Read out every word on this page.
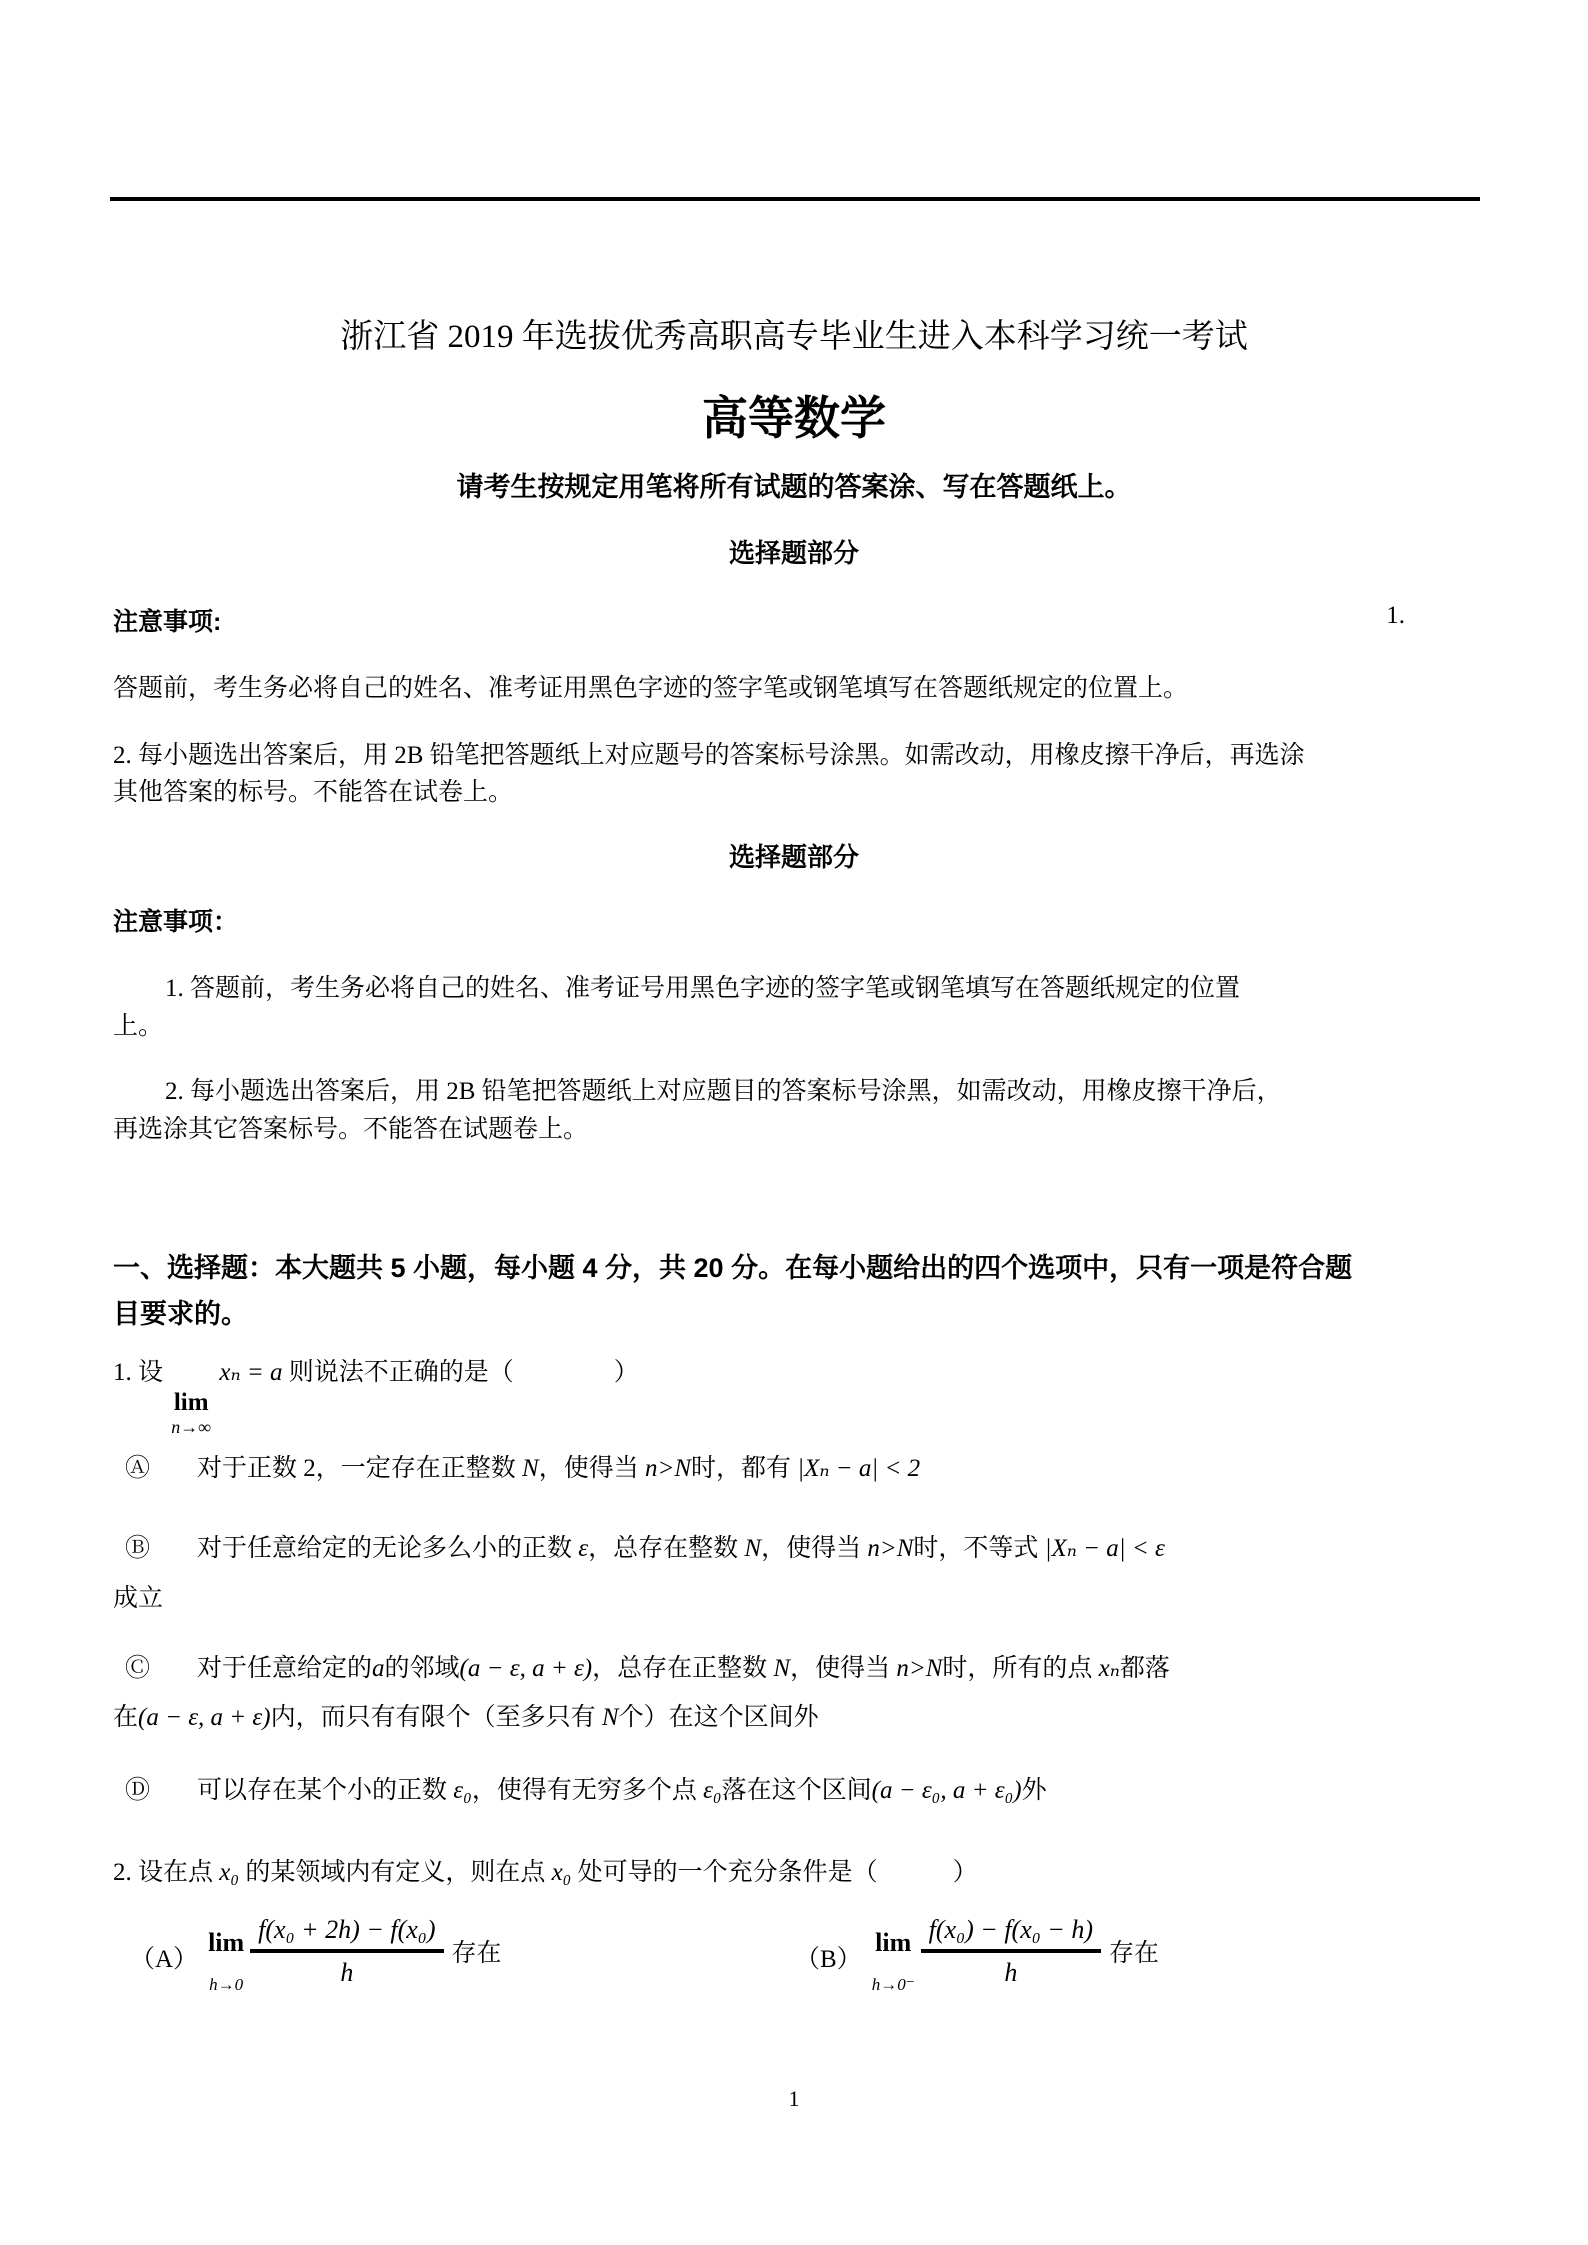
浙江省 2019 年选拔优秀高职高专毕业生进入本科学习统一考试
高等数学
请考生按规定用笔将所有试题的答案涂、写在答题纸上。
选择题部分
注意事项:	1.
答题前，考生务必将自己的姓名、准考证用黑色字迹的签字笔或钢笔填写在答题纸规定的位置上。
2. 每小题选出答案后，用 2B 铅笔把答题纸上对应题号的答案标号涂黑。如需改动，用橡皮擦干净后，再选涂
其他答案的标号。不能答在试卷上。
选择题部分
注意事项：
1. 答题前，考生务必将自己的姓名、准考证号用黑色字迹的签字笔或钢笔填写在答题纸规定的位置
上。
2. 每小题选出答案后，用 2B 铅笔把答题纸上对应题目的答案标号涂黑，如需改动，用橡皮擦干净后，
再选涂其它答案标号。不能答在试题卷上。
一、选择题：本大题共 5 小题，每小题 4 分，共 20 分。在每小题给出的四个选项中，只有一项是符合题
目要求的。
1. 设
lim
n→∞
xₙ = a 则说法不正确的是（　　　　）
Ⓐ	对于正数 2，一定存在正整数 N，使得当 n>N时，都有 |Xₙ − a| < 2
Ⓑ	对于任意给定的无论多么小的正数 ε，总存在整数 N，使得当 n>N时，不等式 |Xₙ − a| < ε
成立
Ⓒ	对于任意给定的a的邻域(a − ε, a + ε)，总存在正整数 N，使得当 n>N时，所有的点 xₙ都落
在(a − ε, a + ε)内，而只有有限个（至多只有 N个）在这个区间外
Ⓓ	可以存在某个小的正数 ε₀，使得有无穷多个点 ε₀落在这个区间(a − ε₀, a + ε₀)外
2. 设在点 x₀ 的某领域内有定义，则在点 x₀ 处可导的一个充分条件是（　　　）
（A）
lim
$h\to 0 \frac{\text{f(x₀ + 2h) − f(x₀)}}{h}$ 存在	（B）
lim
$h\to 0^- \frac{\text{f(x₀) − f(x₀ − h)}}{h}$ 存在
1
